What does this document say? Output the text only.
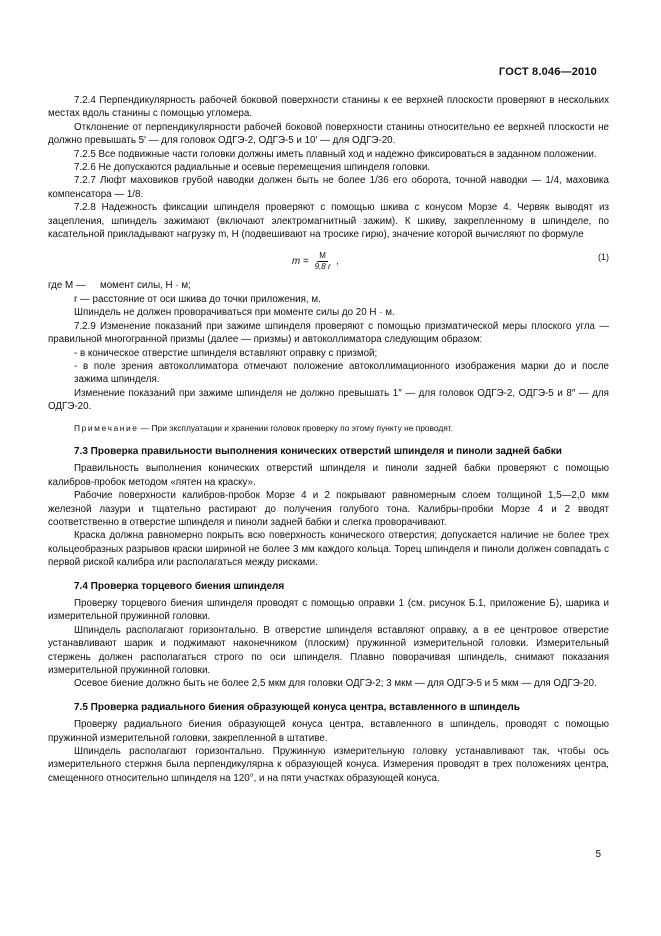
ГОСТ 8.046—2010

7.2.4 Перпендикулярность рабочей боковой поверхности станины к ее верхней плоскости проверяют в нескольких местах вдоль станины с помощью угломера.

Отклонение от перпендикулярности рабочей боковой поверхности станины относительно ее верхней плоскости не должно превышать 5′ — для головок ОДГЭ-2, ОДГЭ-5 и 10′ — для ОДГЭ-20.

7.2.5 Все подвижные части головки должны иметь плавный ход и надежно фиксироваться в заданном положении.

7.2.6 Не допускаются радиальные и осевые перемещения шпинделя головки.

7.2.7 Люфт маховиков грубой наводки должен быть не более 1/36 его оборота, точной наводки — 1/4, маховика компенсатора — 1/8.

7.2.8 Надежность фиксации шпинделя проверяют с помощью шкива с конусом Морзе 4. Червяк выводят из зацепления, шпиндель зажимают (включают электромагнитный зажим). К шкиву, закрепленному в шпинделе, по касательной прикладывают нагрузку m, Н (подвешивают на тросике гирю), значение которой вычисляют по формуле

$m = \frac{M}{9,8 r}$ ,	(1)
где М —	момент силы, Н · м;
r — расстояние от оси шкива до точки приложения, м.

Шпиндель не должен проворачиваться при моменте силы до 20 Н · м.

7.2.9 Изменение показаний при зажиме шпинделя проверяют с помощью призматической меры плоского угла — правильной многогранной призмы (далее — призмы) и автоколлиматора следующим образом:

- в коническое отверстие шпинделя вставляют оправку с призмой;

- в поле зрения автоколлиматора отмечают положение автоколлимационного изображения марки до и после зажима шпинделя.

Изменение показаний при зажиме шпинделя не должно превышать 1″ — для головок ОДГЭ-2, ОДГЭ-5 и 8″ — для ОДГЭ-20.

Примечание — При эксплуатации и хранении головок проверку по этому пункту не проводят.

7.3 Проверка правильности выполнения конических отверстий шпинделя и пиноли задней бабки

Правильность выполнения конических отверстий шпинделя и пиноли задней бабки проверяют с помощью калибров-пробок методом «пятен на краску».

Рабочие поверхности калибров-пробок Морзе 4 и 2 покрывают равномерным слоем толщиной 1,5—2,0 мкм железной лазури и тщательно растирают до получения голубого тона. Калибры-пробки Морзе 4 и 2 вводят соответственно в отверстие шпинделя и пиноли задней бабки и слегка проворачивают.

Краска должна равномерно покрыть всю поверхность конического отверстия; допускается наличие не более трех кольцеобразных разрывов краски шириной не более 3 мм каждого кольца. Торец шпинделя и пиноли должен совпадать с первой риской калибра или располагаться между рисками.

7.4 Проверка торцевого биения шпинделя

Проверку торцевого биения шпинделя проводят с помощью оправки 1 (см. рисунок Б.1, приложение Б), шарика и измерительной пружинной головки.

Шпиндель располагают горизонтально. В отверстие шпинделя вставляют оправку, а в ее центровое отверстие устанавливают шарик и поджимают наконечником (плоским) пружинной измерительной головки. Измерительный стержень должен располагаться строго по оси шпинделя. Плавно поворачивая шпиндель, снимают показания измерительной пружинной головки.

Осевое биение должно быть не более 2,5 мкм для головки ОДГЭ-2; 3 мкм — для ОДГЭ-5 и 5 мкм — для ОДГЭ-20.

7.5 Проверка радиального биения образующей конуса центра, вставленного в шпиндель

Проверку радиального биения образующей конуса центра, вставленного в шпиндель, проводят с помощью пружинной измерительной головки, закрепленной в штативе.

Шпиндель располагают горизонтально. Пружинную измерительную головку устанавливают так, чтобы ось измерительного стержня была перпендикулярна к образующей конуса. Измерения проводят в трех положениях центра, смещенного относительно шпинделя на 120°, и на пяти участках образующей конуса.

5
